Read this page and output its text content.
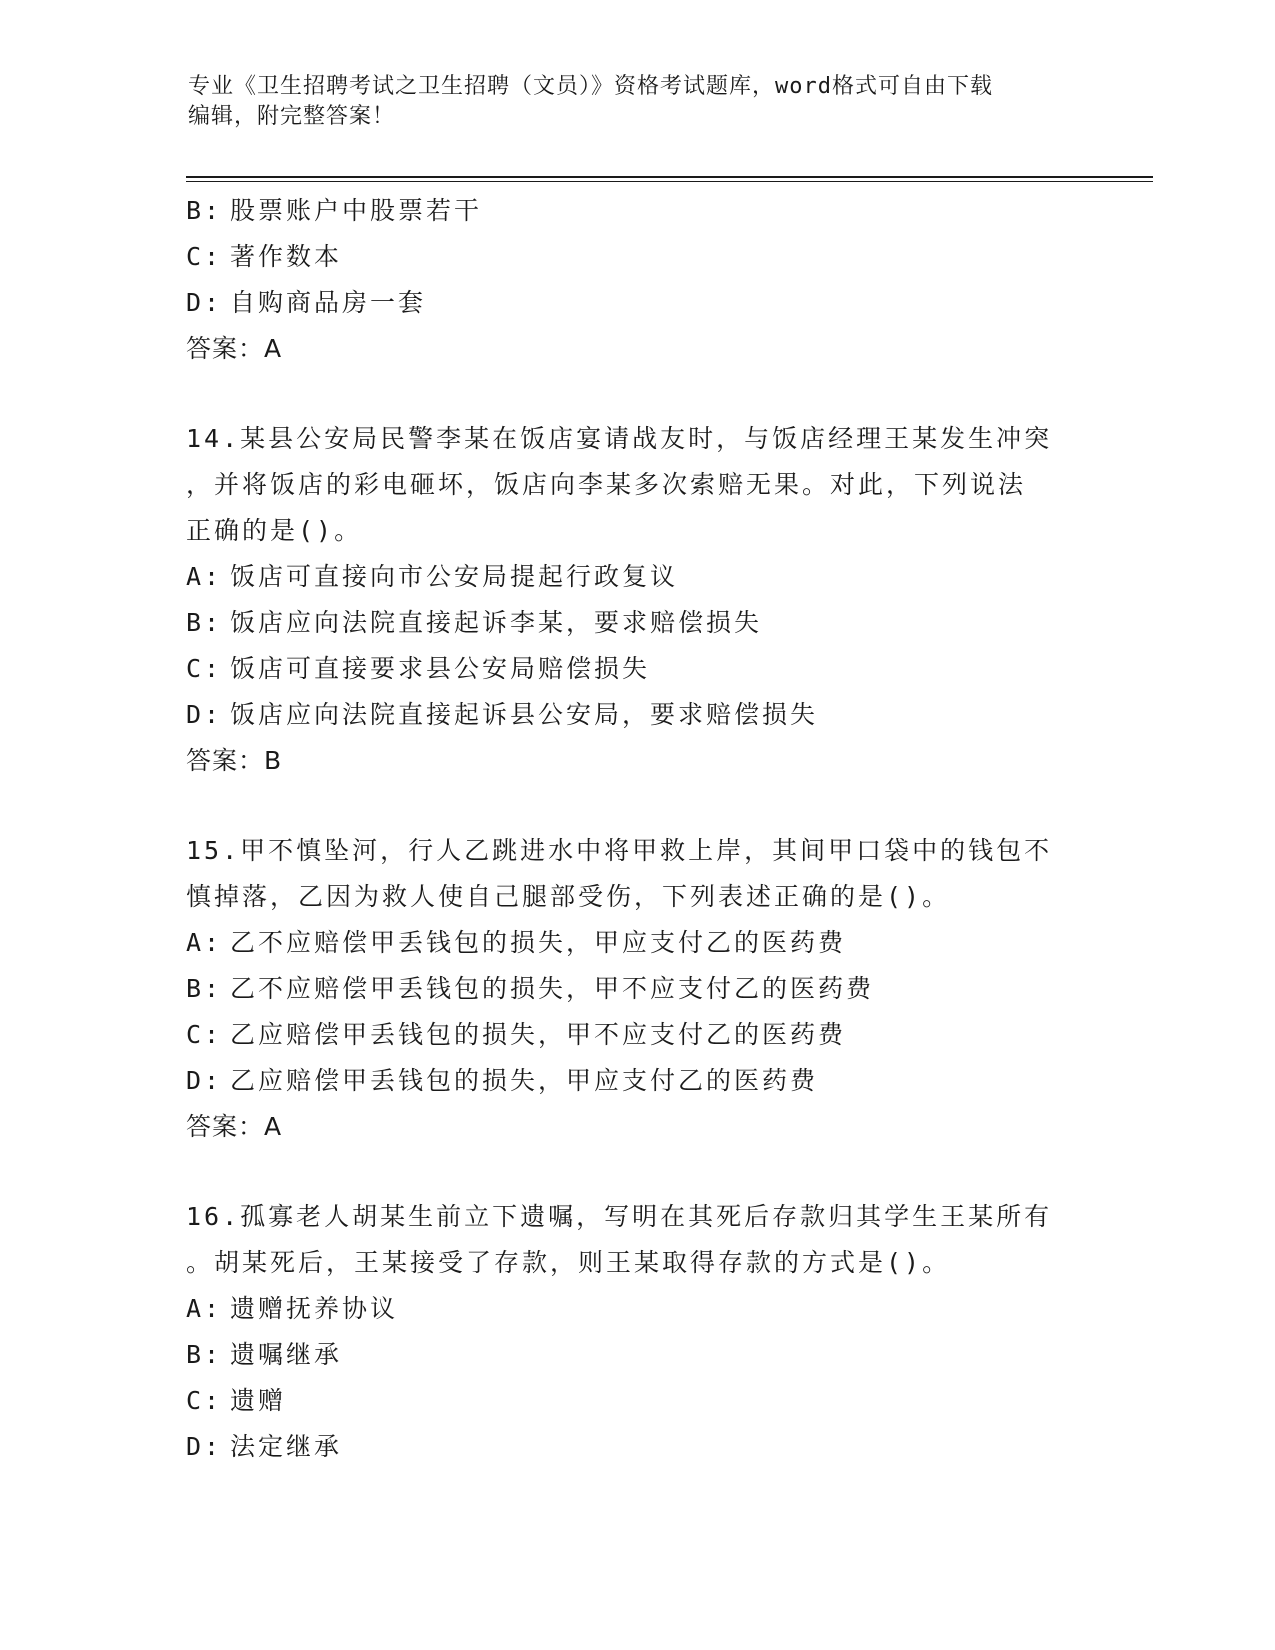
专业《卫生招聘考试之卫生招聘（文员）》资格考试题库，word格式可自由下载
编辑，附完整答案！
B: 股票账户中股票若干
C: 著作数本
D: 自购商品房一套
答案：A
14.某县公安局民警李某在饭店宴请战友时，与饭店经理王某发生冲突
，并将饭店的彩电砸坏，饭店向李某多次索赔无果。对此，下列说法
正确的是()。
A: 饭店可直接向市公安局提起行政复议
B: 饭店应向法院直接起诉李某，要求赔偿损失
C: 饭店可直接要求县公安局赔偿损失
D: 饭店应向法院直接起诉县公安局，要求赔偿损失
答案：B
15.甲不慎坠河，行人乙跳进水中将甲救上岸，其间甲口袋中的钱包不
慎掉落，乙因为救人使自己腿部受伤，下列表述正确的是()。
A: 乙不应赔偿甲丢钱包的损失，甲应支付乙的医药费
B: 乙不应赔偿甲丢钱包的损失，甲不应支付乙的医药费
C: 乙应赔偿甲丢钱包的损失，甲不应支付乙的医药费
D: 乙应赔偿甲丢钱包的损失，甲应支付乙的医药费
答案：A
16.孤寡老人胡某生前立下遗嘱，写明在其死后存款归其学生王某所有
。胡某死后，王某接受了存款，则王某取得存款的方式是()。
A: 遗赠抚养协议
B: 遗嘱继承
C: 遗赠
D: 法定继承
